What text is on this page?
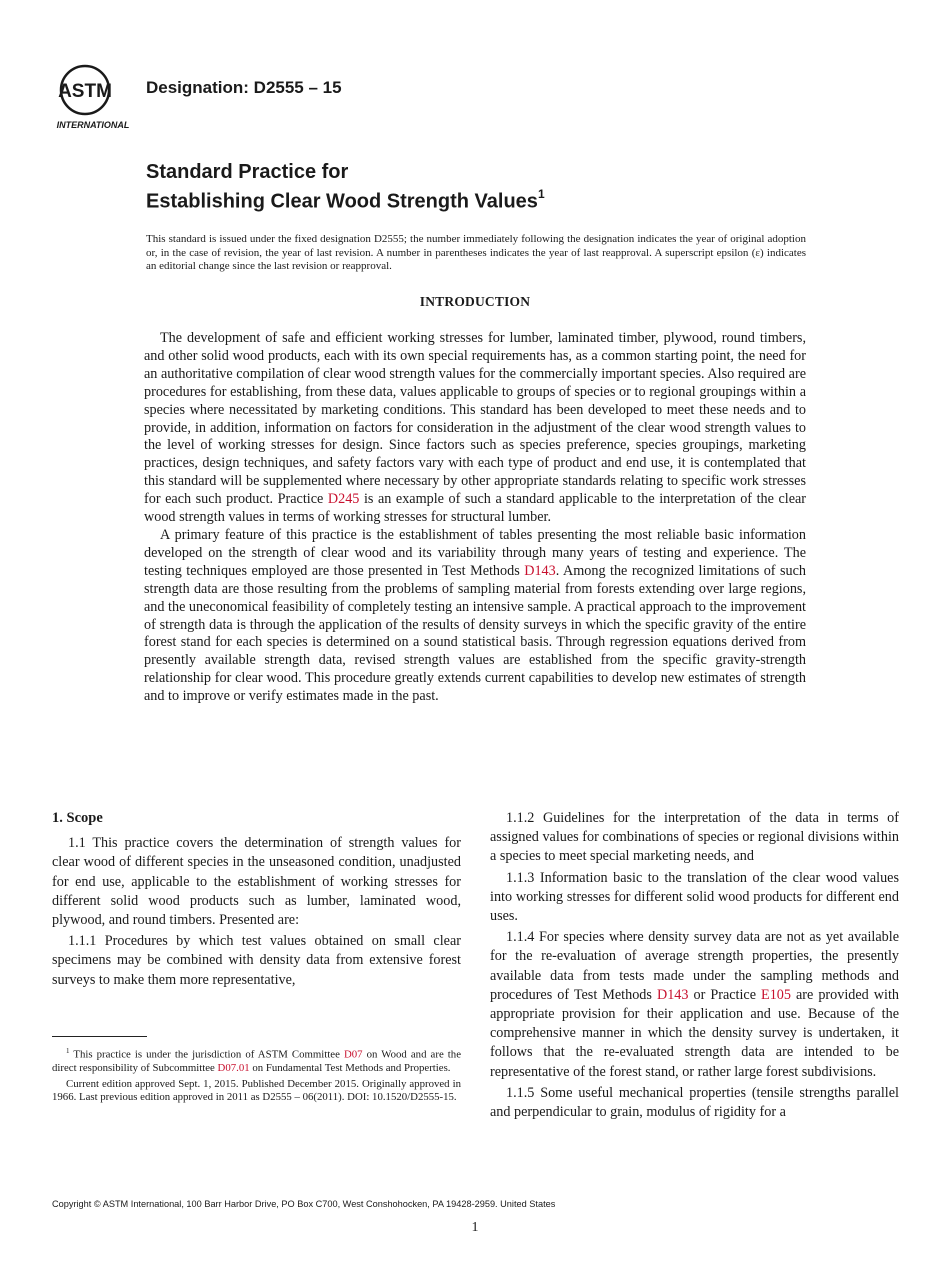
ASTM
INTERNATIONAL
Designation: D2555 – 15
Standard Practice for
Establishing Clear Wood Strength Values$^1$
This standard is issued under the fixed designation D2555; the number immediately following the designation indicates the year of original adoption or, in the case of revision, the year of last revision. A number in parentheses indicates the year of last reapproval. A superscript epsilon (ε) indicates an editorial change since the last revision or reapproval.
INTRODUCTION

The development of safe and efficient working stresses for lumber, laminated timber, plywood, round timbers, and other solid wood products, each with its own special requirements has, as a common starting point, the need for an authoritative compilation of clear wood strength values for the commercially important species. Also required are procedures for establishing, from these data, values applicable to groups of species or to regional groupings within a species where necessitated by marketing conditions. This standard has been developed to meet these needs and to provide, in addition, information on factors for consideration in the adjustment of the clear wood strength values to the level of working stresses for design. Since factors such as species preference, species groupings, marketing practices, design techniques, and safety factors vary with each type of product and end use, it is contemplated that this standard will be supplemented where necessary by other appropriate standards relating to specific work stresses for each such product. Practice D245 is an example of such a standard applicable to the interpretation of the clear wood strength values in terms of working stresses for structural lumber.

A primary feature of this practice is the establishment of tables presenting the most reliable basic information developed on the strength of clear wood and its variability through many years of testing and experience. The testing techniques employed are those presented in Test Methods D143. Among the recognized limitations of such strength data are those resulting from the problems of sampling material from forests extending over large regions, and the uneconomical feasibility of completely testing an intensive sample. A practical approach to the improvement of strength data is through the application of the results of density surveys in which the specific gravity of the entire forest stand for each species is determined on a sound statistical basis. Through regression equations derived from presently available strength data, revised strength values are established from the specific gravity-strength relationship for clear wood. This procedure greatly extends current capabilities to develop new estimates of strength and to improve or verify estimates made in the past.

1. Scope

1.1 This practice covers the determination of strength values for clear wood of different species in the unseasoned condition, unadjusted for end use, applicable to the establishment of working stresses for different solid wood products such as lumber, laminated wood, plywood, and round timbers. Presented are:

1.1.1 Procedures by which test values obtained on small clear specimens may be combined with density data from extensive forest surveys to make them more representative,

1.1.2 Guidelines for the interpretation of the data in terms of assigned values for combinations of species or regional divisions within a species to meet special marketing needs, and

1.1.3 Information basic to the translation of the clear wood values into working stresses for different solid wood products for different end uses.

1.1.4 For species where density survey data are not as yet available for the re-evaluation of average strength properties, the presently available data from tests made under the sampling methods and procedures of Test Methods D143 or Practice E105 are provided with appropriate provision for their application and use. Because of the comprehensive manner in which the density survey is undertaken, it follows that the re-evaluated strength data are intended to be representative of the forest stand, or rather large forest subdivisions.

1.1.5 Some useful mechanical properties (tensile strengths parallel and perpendicular to grain, modulus of rigidity for a

$^1$ This practice is under the jurisdiction of ASTM Committee D07 on Wood and are the direct responsibility of Subcommittee D07.01 on Fundamental Test Methods and Properties.

Current edition approved Sept. 1, 2015. Published December 2015. Originally approved in 1966. Last previous edition approved in 2011 as D2555 – 06(2011). DOI: 10.1520/D2555-15.

Copyright © ASTM International, 100 Barr Harbor Drive, PO Box C700, West Conshohocken, PA 19428-2959. United States
1
